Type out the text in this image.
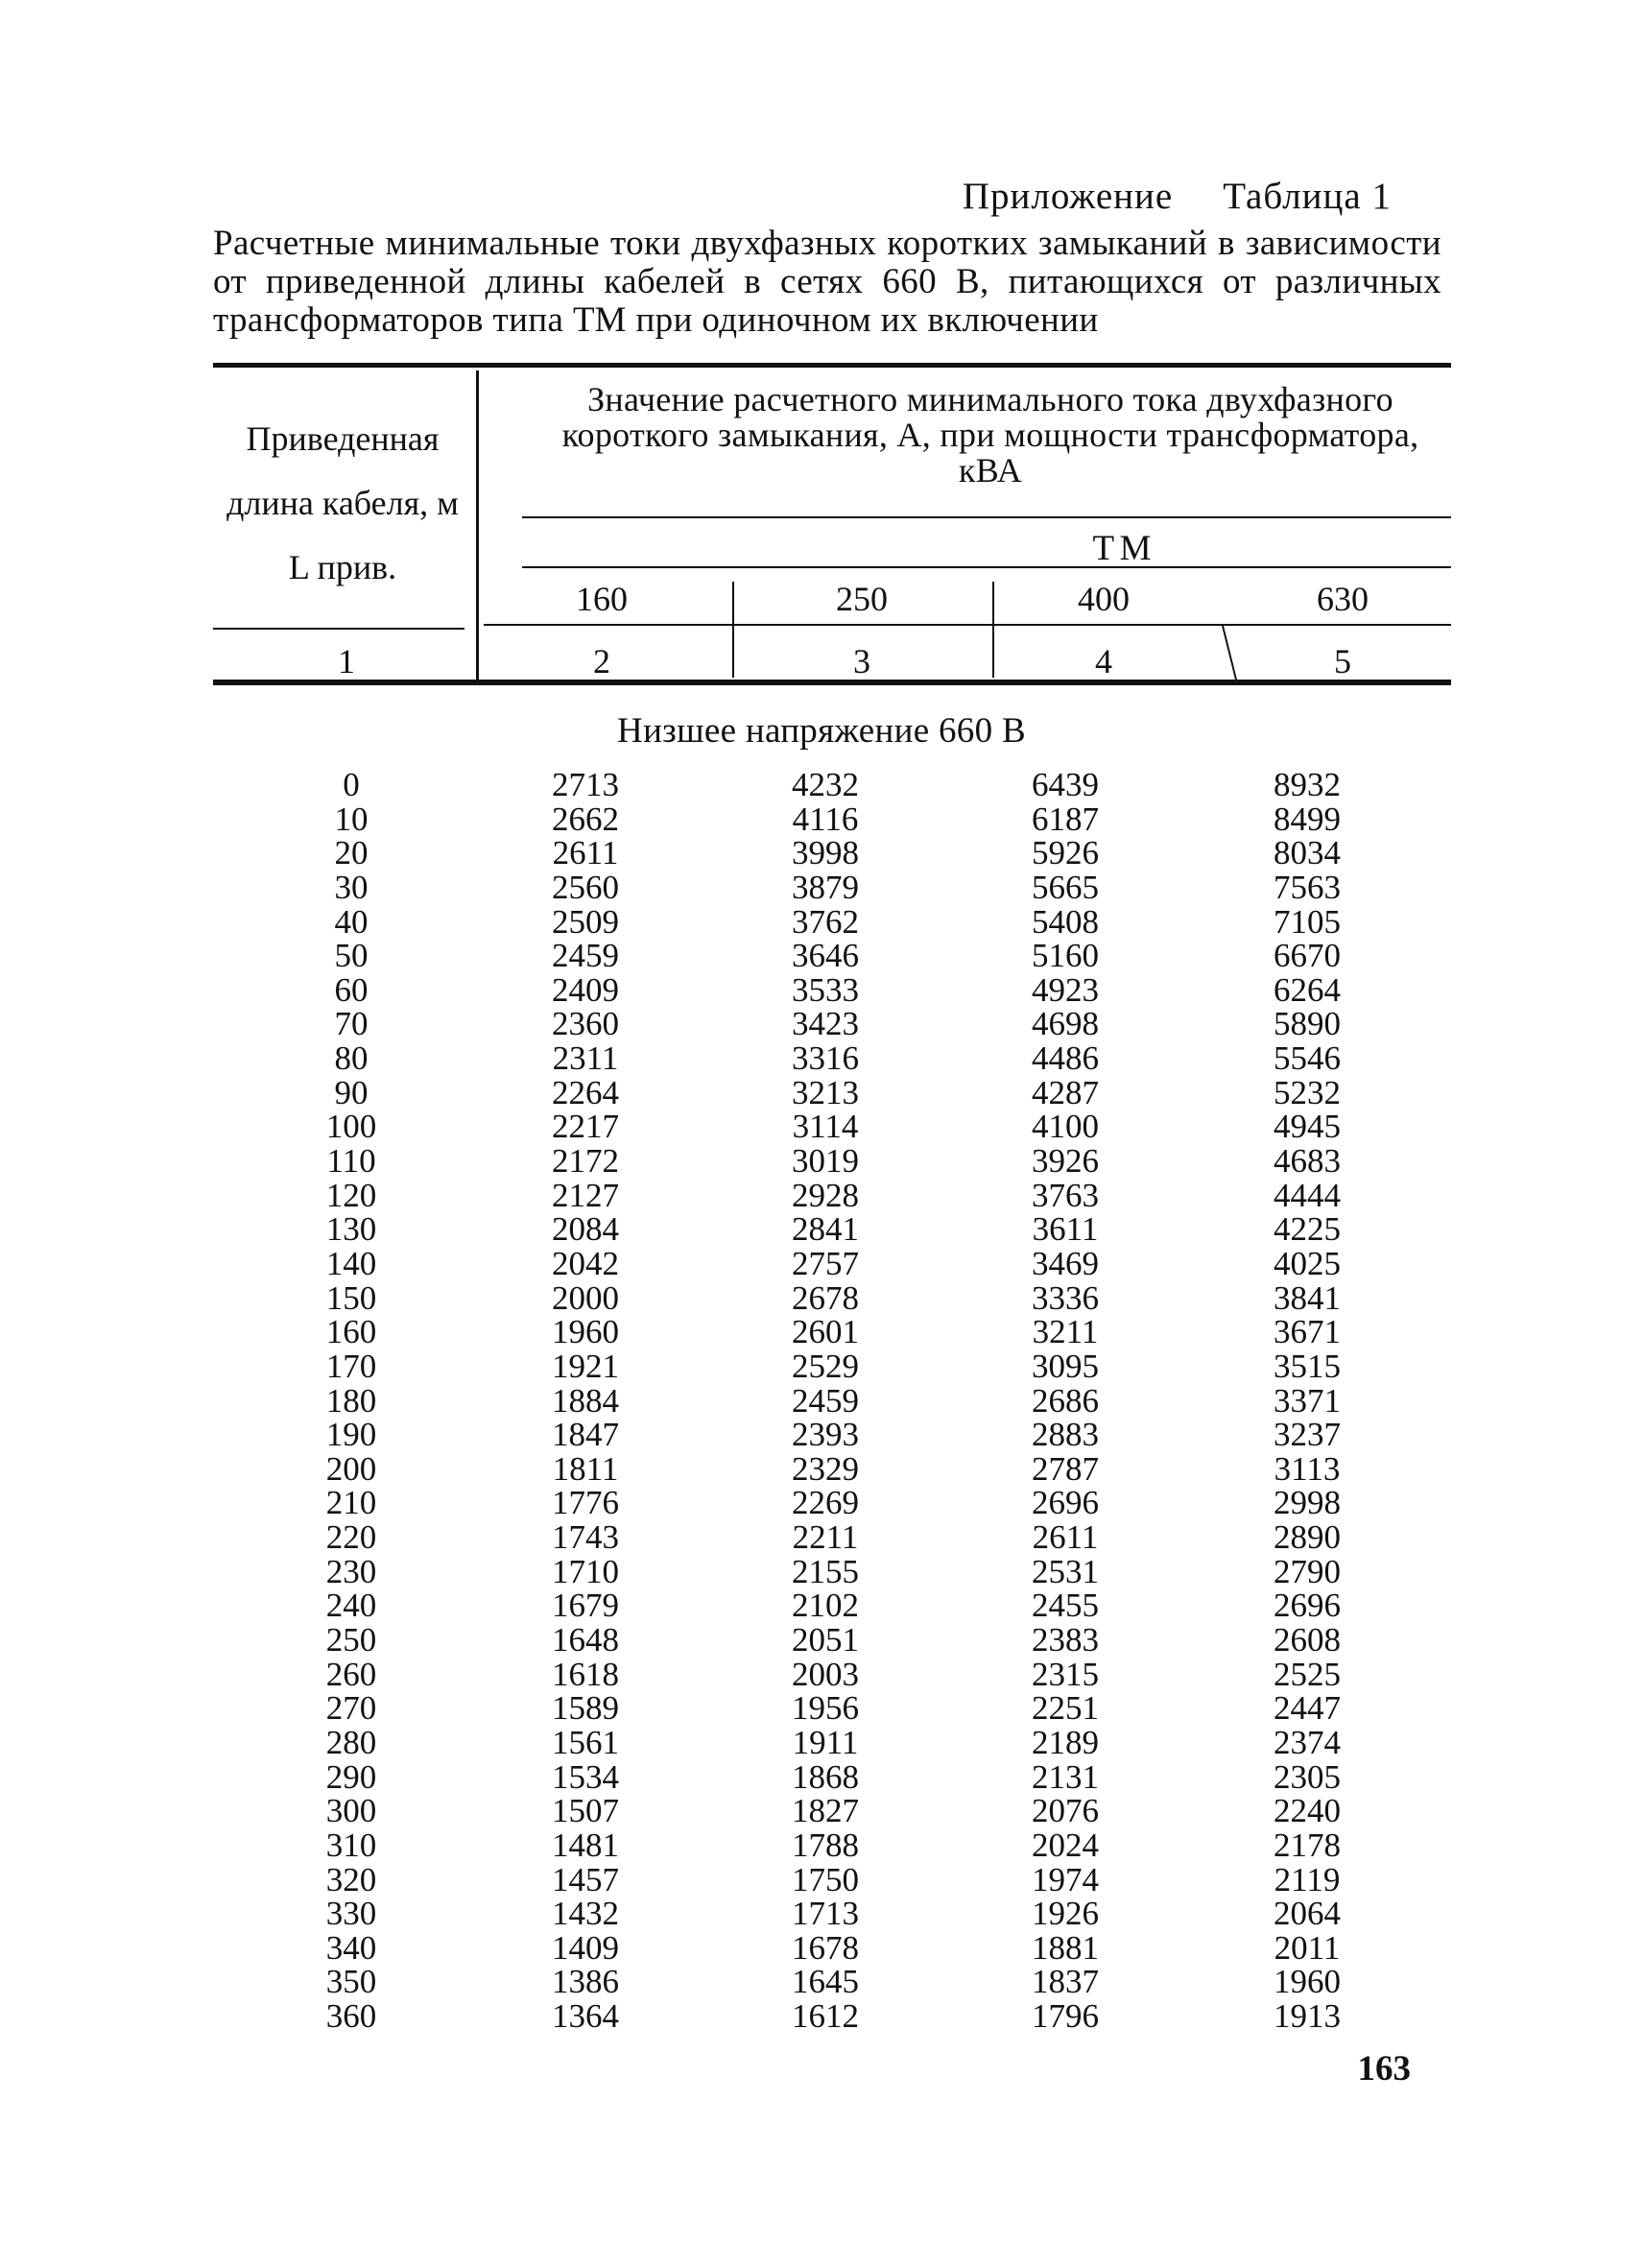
Приложение Таблица 1
Расчетные минимальные токи двухфазных коротких замыканий в зависимости от приведенной длины кабелей в сетях 660 В, питающихся от различных трансформаторов типа ТМ при одиночном их включении
Приведенная
длина кабеля, м
L прив.
Значение расчетного минимального тока двухфазного короткого замыкания, А, при мощности трансформатора, кВА
ТМ
160	250	400	630
1	2	3	4	5
Низшее напряжение 660 В
0	2713	4232	6439	8932
10	2662	4116	6187	8499
20	2611	3998	5926	8034
30	2560	3879	5665	7563
40	2509	3762	5408	7105
50	2459	3646	5160	6670
60	2409	3533	4923	6264
70	2360	3423	4698	5890
80	2311	3316	4486	5546
90	2264	3213	4287	5232
100	2217	3114	4100	4945
110	2172	3019	3926	4683
120	2127	2928	3763	4444
130	2084	2841	3611	4225
140	2042	2757	3469	4025
150	2000	2678	3336	3841
160	1960	2601	3211	3671
170	1921	2529	3095	3515
180	1884	2459	2686	3371
190	1847	2393	2883	3237
200	1811	2329	2787	3113
210	1776	2269	2696	2998
220	1743	2211	2611	2890
230	1710	2155	2531	2790
240	1679	2102	2455	2696
250	1648	2051	2383	2608
260	1618	2003	2315	2525
270	1589	1956	2251	2447
280	1561	1911	2189	2374
290	1534	1868	2131	2305
300	1507	1827	2076	2240
310	1481	1788	2024	2178
320	1457	1750	1974	2119
330	1432	1713	1926	2064
340	1409	1678	1881	2011
350	1386	1645	1837	1960
360	1364	1612	1796	1913
163
